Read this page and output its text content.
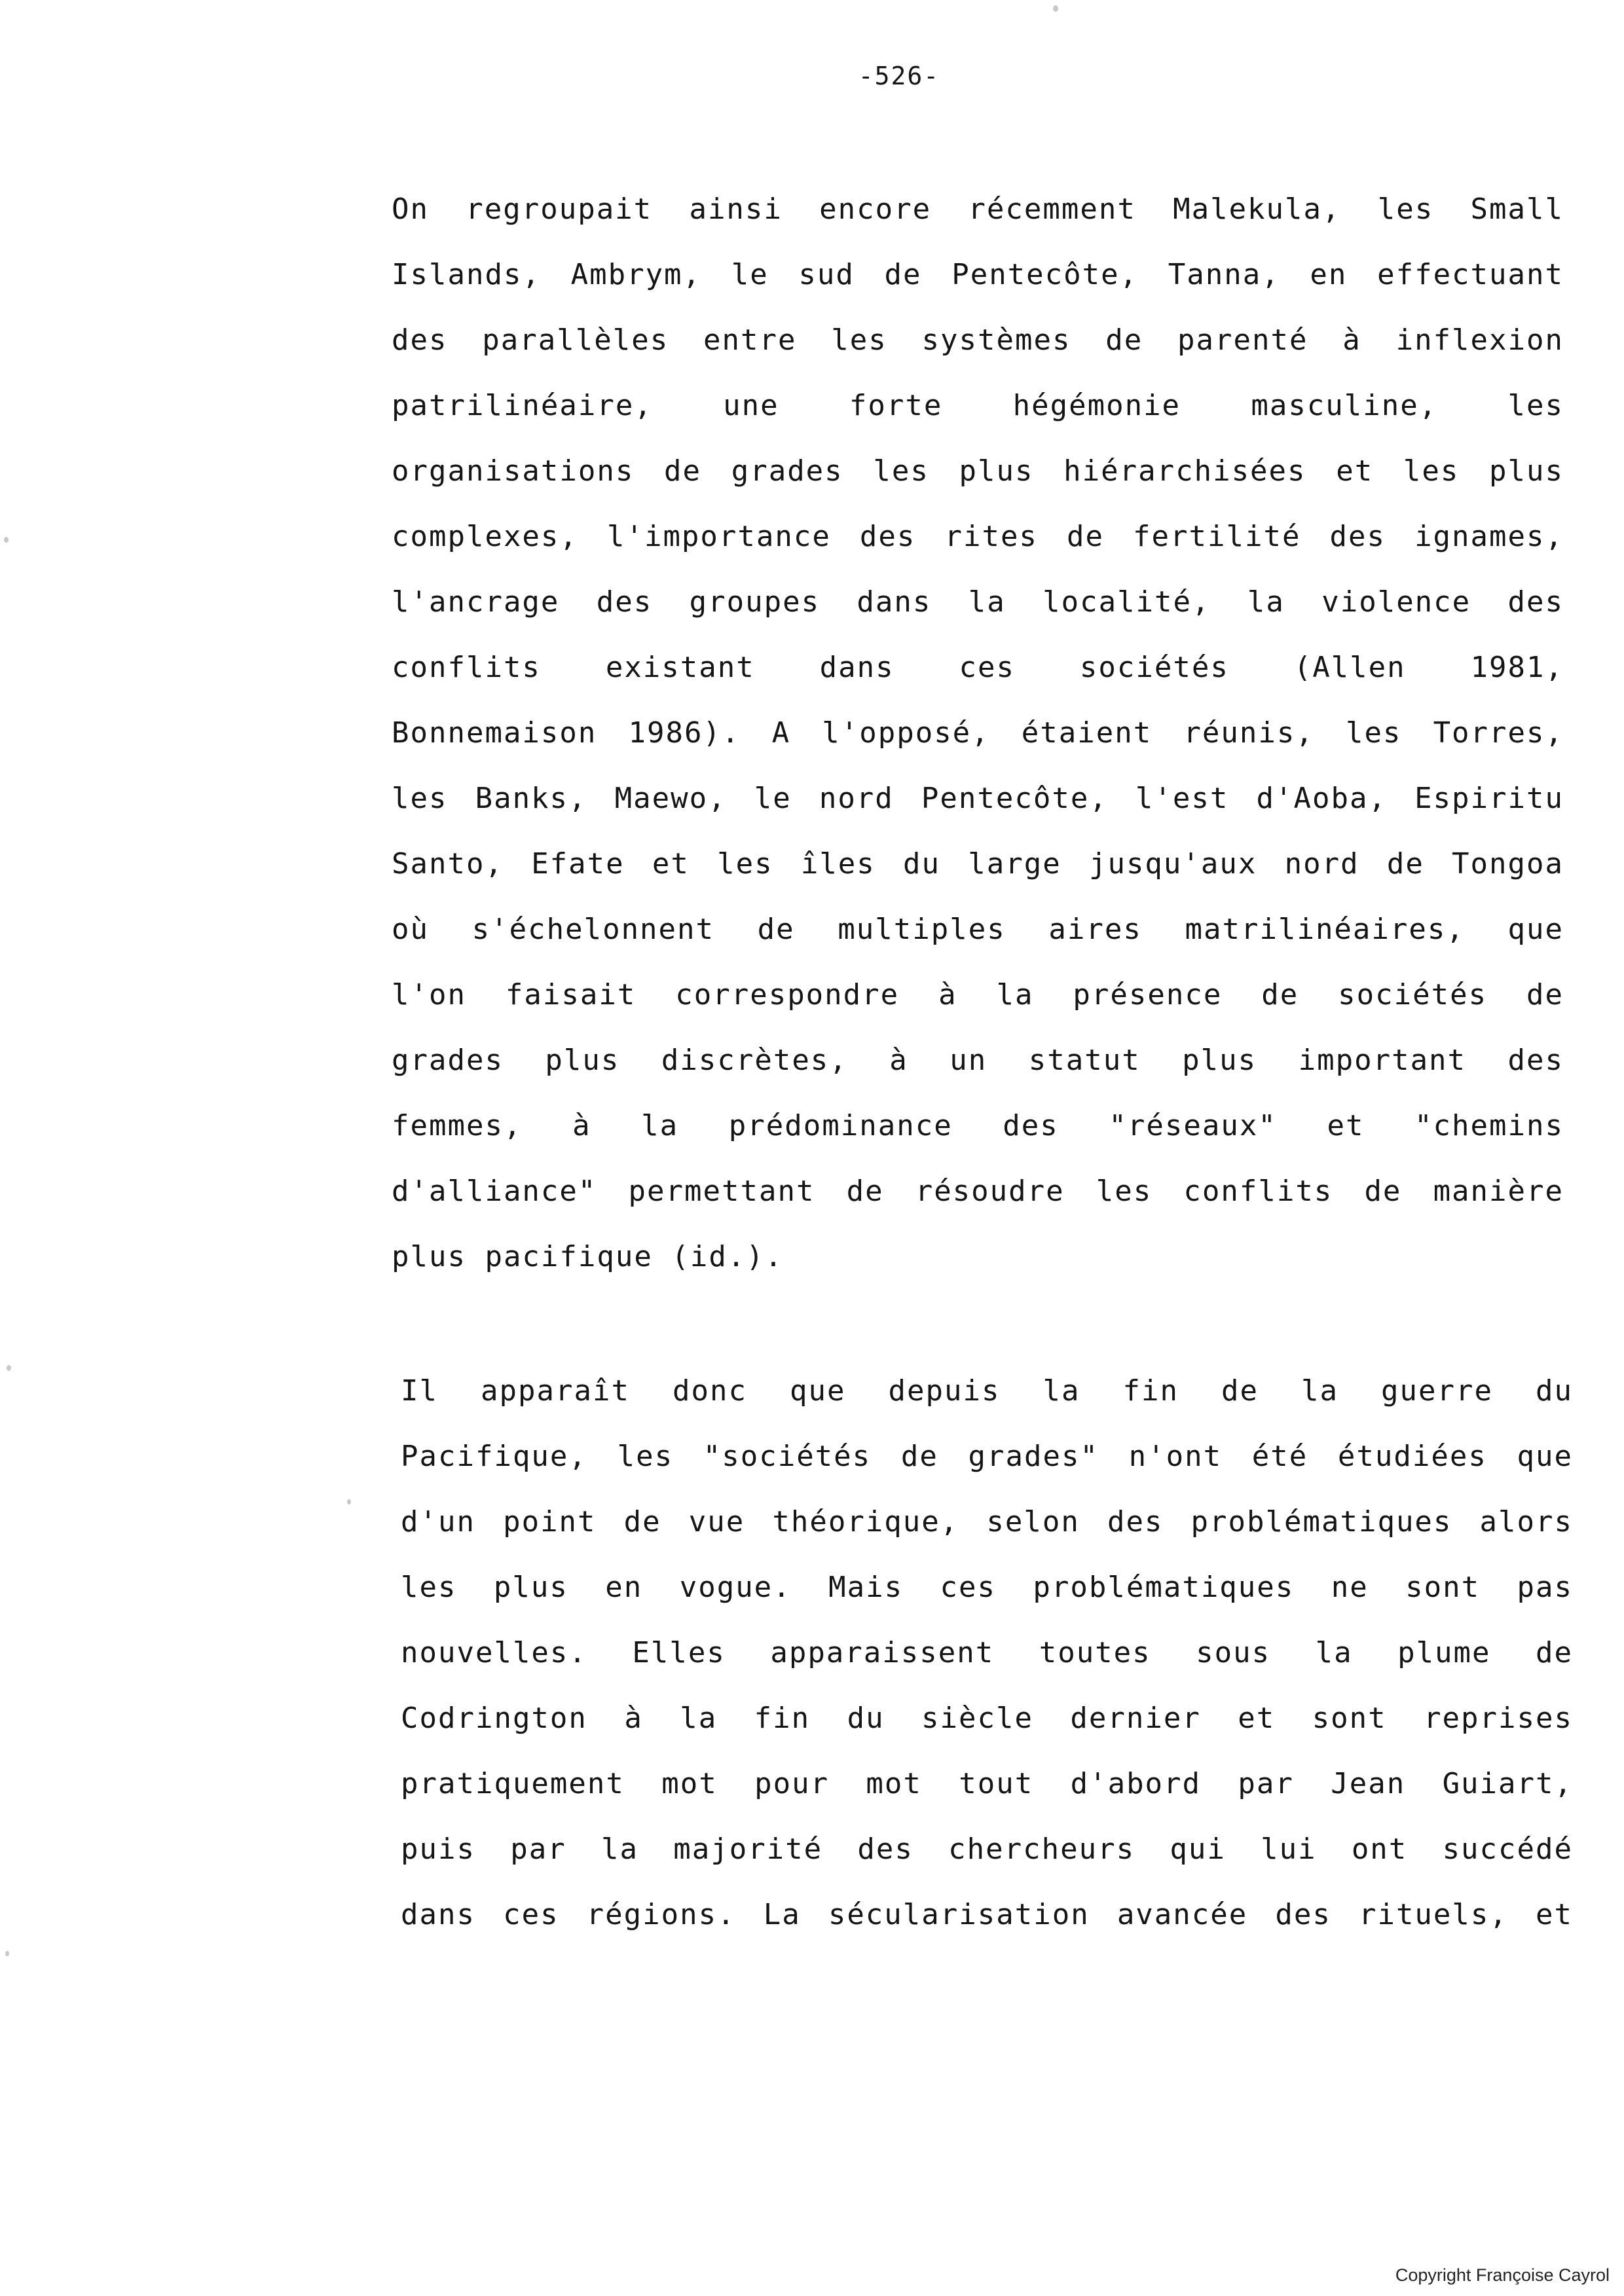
-526-
On regroupait ainsi encore récemment Malekula, les Small
Islands, Ambrym, le sud de Pentecôte, Tanna, en effectuant
des parallèles entre les systèmes de parenté à inflexion
patrilinéaire, une forte hégémonie masculine, les
organisations de grades les plus hiérarchisées et les plus
complexes, l'importance des rites de fertilité des ignames,
l'ancrage des groupes dans la localité, la violence des
conflits existant dans ces sociétés (Allen 1981,
Bonnemaison 1986). A l'opposé, étaient réunis, les Torres,
les Banks, Maewo, le nord Pentecôte, l'est d'Aoba, Espiritu
Santo, Efate et les îles du large jusqu'aux nord de Tongoa
où s'échelonnent de multiples aires matrilinéaires, que
l'on faisait correspondre à la présence de sociétés de
grades plus discrètes, à un statut plus important des
femmes, à la prédominance des "réseaux" et "chemins
d'alliance" permettant de résoudre les conflits de manière
plus pacifique (id.).
Il apparaît donc que depuis la fin de la guerre du
Pacifique, les "sociétés de grades" n'ont été étudiées que
d'un point de vue théorique, selon des problématiques alors
les plus en vogue. Mais ces problématiques ne sont pas
nouvelles. Elles apparaissent toutes sous la plume de
Codrington à la fin du siècle dernier et sont reprises
pratiquement mot pour mot tout d'abord par Jean Guiart,
puis par la majorité des chercheurs qui lui ont succédé
dans ces régions. La sécularisation avancée des rituels, et
Copyright Françoise Cayrol
